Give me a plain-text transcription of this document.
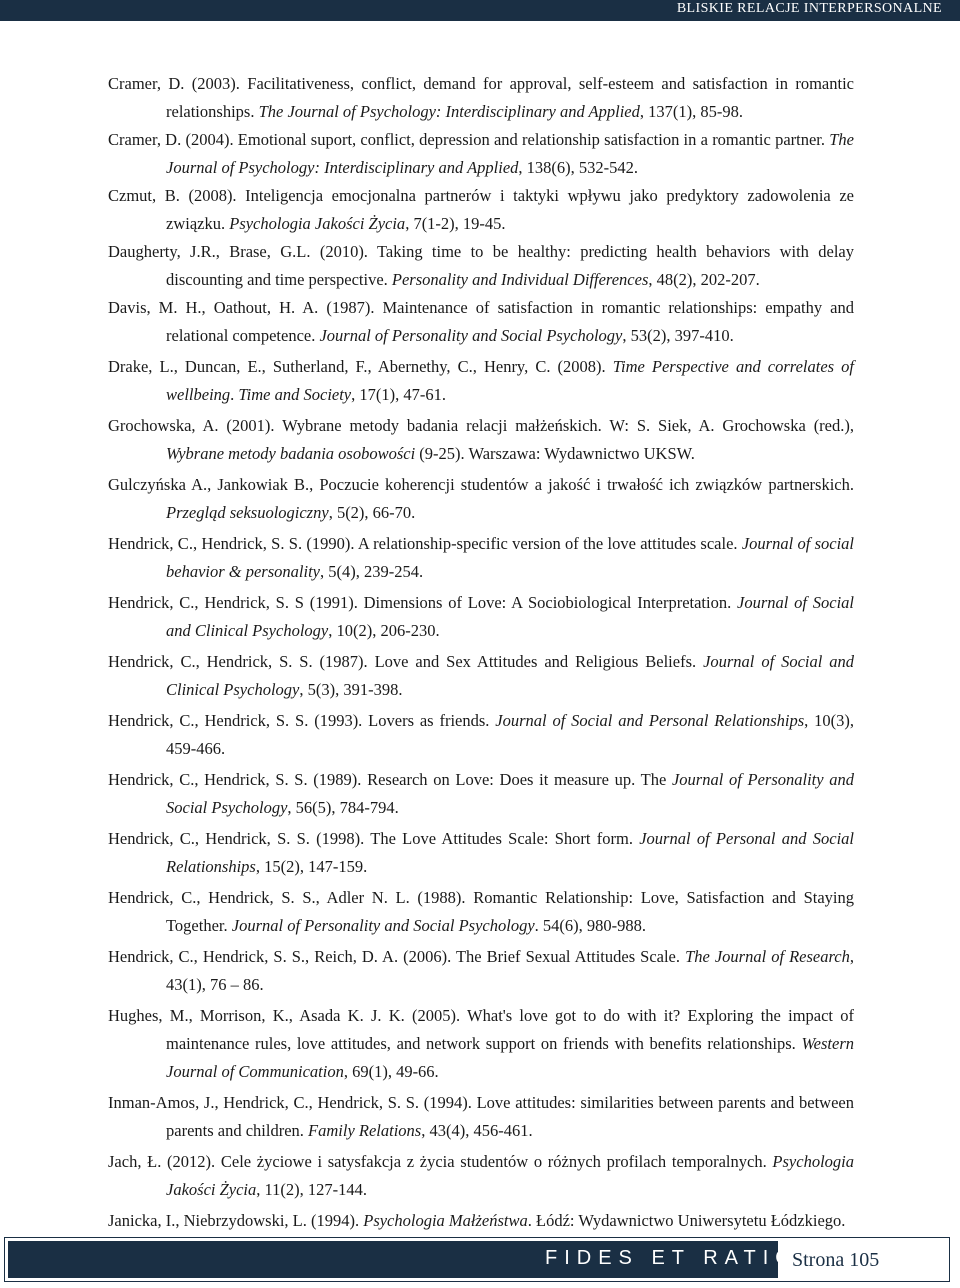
BLISKIE RELACJE INTERPERSONALNE
Cramer, D. (2003). Facilitativeness, conflict, demand for approval, self-esteem and satisfaction in romantic relationships. The Journal of Psychology: Interdisciplinary and Applied, 137(1), 85-98.
Cramer, D. (2004). Emotional suport, conflict, depression and relationship satisfaction in a romantic partner. The Journal of Psychology: Interdisciplinary and Applied, 138(6), 532-542.
Czmut, B. (2008). Inteligencja emocjonalna partnerów i taktyki wpływu jako predyktory zadowolenia ze związku. Psychologia Jakości Życia, 7(1-2), 19-45.
Daugherty, J.R., Brase, G.L. (2010). Taking time to be healthy: predicting health behaviors with delay discounting and time perspective. Personality and Individual Differences, 48(2), 202-207.
Davis, M. H., Oathout, H. A. (1987). Maintenance of satisfaction in romantic relationships: empathy and relational competence. Journal of Personality and Social Psychology, 53(2), 397-410.
Drake, L., Duncan, E., Sutherland, F., Abernethy, C., Henry, C. (2008). Time Perspective and correlates of wellbeing. Time and Society, 17(1), 47-61.
Grochowska, A. (2001). Wybrane metody badania relacji małżeńskich. W: S. Siek, A. Grochowska (red.), Wybrane metody badania osobowości (9-25). Warszawa: Wydawnictwo UKSW.
Gulczyńska A., Jankowiak B., Poczucie koherencji studentów a jakość i trwałość ich związków partnerskich. Przegląd seksuologiczny, 5(2), 66-70.
Hendrick, C., Hendrick, S. S. (1990). A relationship-specific version of the love attitudes scale. Journal of social behavior & personality, 5(4), 239-254.
Hendrick, C., Hendrick, S. S (1991). Dimensions of Love: A Sociobiological Interpretation. Journal of Social and Clinical Psychology, 10(2), 206-230.
Hendrick, C., Hendrick, S. S. (1987). Love and Sex Attitudes and Religious Beliefs. Journal of Social and Clinical Psychology, 5(3), 391-398.
Hendrick, C., Hendrick, S. S. (1993). Lovers as friends. Journal of Social and Personal Relationships, 10(3), 459-466.
Hendrick, C., Hendrick, S. S. (1989). Research on Love: Does it measure up. The Journal of Personality and Social Psychology, 56(5), 784-794.
Hendrick, C., Hendrick, S. S. (1998). The Love Attitudes Scale: Short form. Journal of Personal and Social Relationships, 15(2), 147-159.
Hendrick, C., Hendrick, S. S., Adler N. L. (1988). Romantic Relationship: Love, Satisfaction and Staying Together. Journal of Personality and Social Psychology. 54(6), 980-988.
Hendrick, C., Hendrick, S. S., Reich, D. A. (2006). The Brief Sexual Attitudes Scale. The Journal of Research, 43(1), 76 – 86.
Hughes, M., Morrison, K., Asada K. J. K. (2005). What's love got to do with it? Exploring the impact of maintenance rules, love attitudes, and network support on friends with benefits relationships. Western Journal of Communication, 69(1), 49-66.
Inman-Amos, J., Hendrick, C., Hendrick, S. S. (1994). Love attitudes: similarities between parents and between parents and children. Family Relations, 43(4), 456-461.
Jach, Ł. (2012). Cele życiowe i satysfakcja z życia studentów o różnych profilach temporalnych. Psychologia Jakości Życia, 11(2), 127-144.
Janicka, I., Niebrzydowski, L. (1994). Psychologia Małżeństwa. Łódź: Wydawnictwo Uniwersytetu Łódzkiego.
FIDES ET RATIO
Strona 105
